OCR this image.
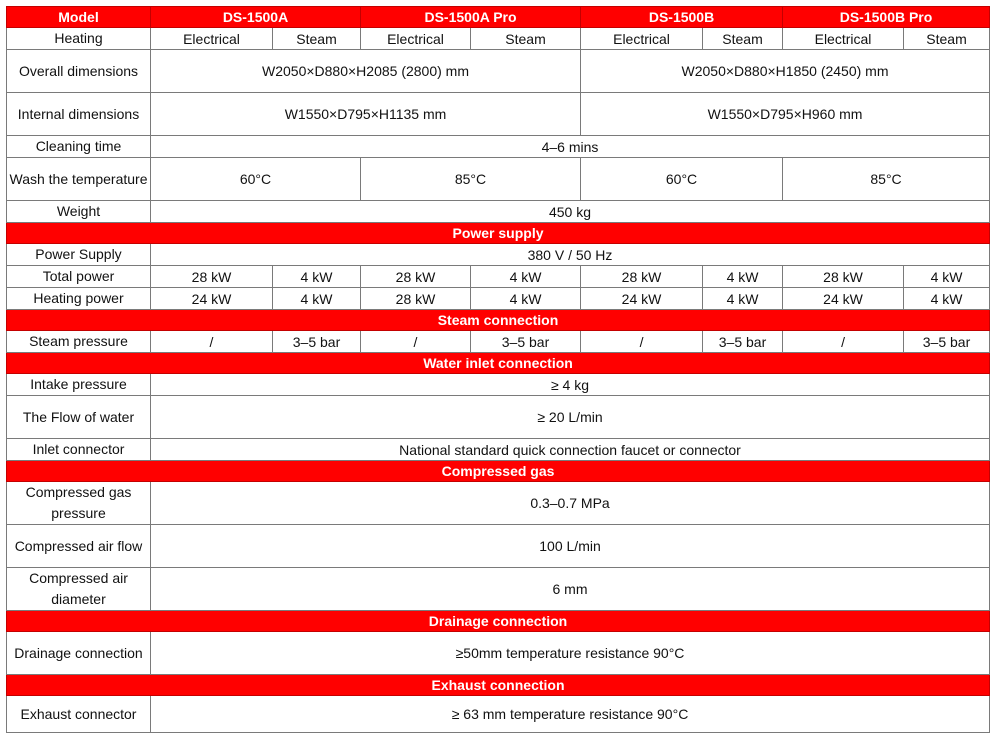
Model	DS-1500A		DS-1500A Pro		DS-1500B		DS-1500B Pro	
Heating	Electrical	Steam	Electrical	Steam	Electrical	Steam	Electrical	Steam
Overall dimensions	W2050×D880×H2085 (2800) mm				W2050×D880×H1850 (2450) mm			
Internal dimensions	W1550×D795×H1135 mm				W1550×D795×H960 mm			
Cleaning time	4–6 mins							
Wash the temperature	60°C		85°C		60°C		85°C	
Weight	450 kg							
Power supply								
Power Supply	380 V / 50 Hz							
Total power	28 kW	4 kW	28 kW	4 kW	28 kW	4 kW	28 kW	4 kW
Heating power	24 kW	4 kW	28 kW	4 kW	24 kW	4 kW	24 kW	4 kW
Steam connection								
Steam pressure	/	3–5 bar	/	3–5 bar	/	3–5 bar	/	3–5 bar
Water inlet connection								
Intake pressure	≥ 4 kg							
The Flow of water	≥ 20 L/min							
Inlet connector	National standard quick connection faucet or connector							
Compressed gas								
Compressed gas pressure	0.3–0.7 MPa							
Compressed air flow	100 L/min							
Compressed air diameter	6 mm							
Drainage connection								
Drainage connection	≥50mm temperature resistance 90°C							
Exhaust connection								
Exhaust connector	≥ 63 mm temperature resistance 90°C							
